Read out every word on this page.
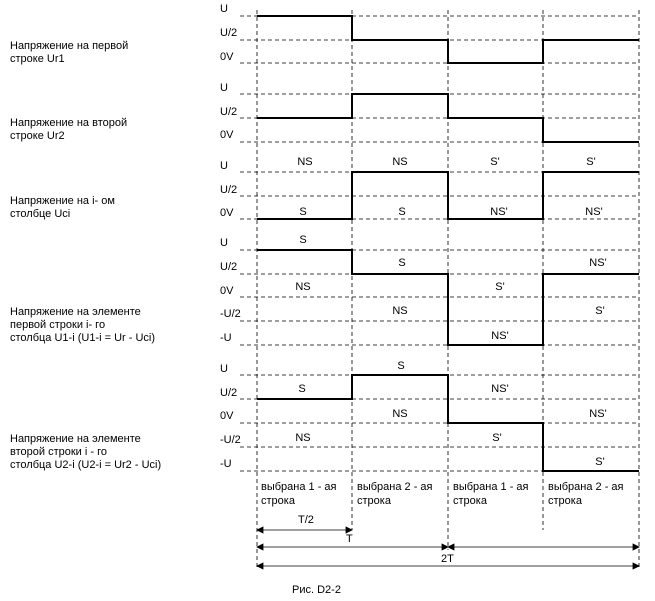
U
U/2
0V
U
U/2
0V
U
U/2
0V
U
U/2
0V
-U/2
-U
U
U/2
0V
-U/2
-U
NS	NS	S'	S'
S	S	NS'	NS'
S
S
NS
NS
S'
NS'
NS'
S'
S
S
NS
NS
NS'
S'
NS'
S'
выбрана 1 - ая
строка
выбрана 2 - ая
строка
выбрана 1 - ая
строка
выбрана 2 - ая
строка
T/2
T
2T
Рис. D2-2
Напряжение на первой
строке Ur1
Напряжение на второй
строке Ur2
Напряжение на i- ом
столбце Uci
Напряжение на элементе
первой строки i- го
столбца U1-i (U1-i = Ur - Uci)
Напряжение на элементе
второй строки i - го
столбца U2-i (U2-i = Ur2 - Uci)
